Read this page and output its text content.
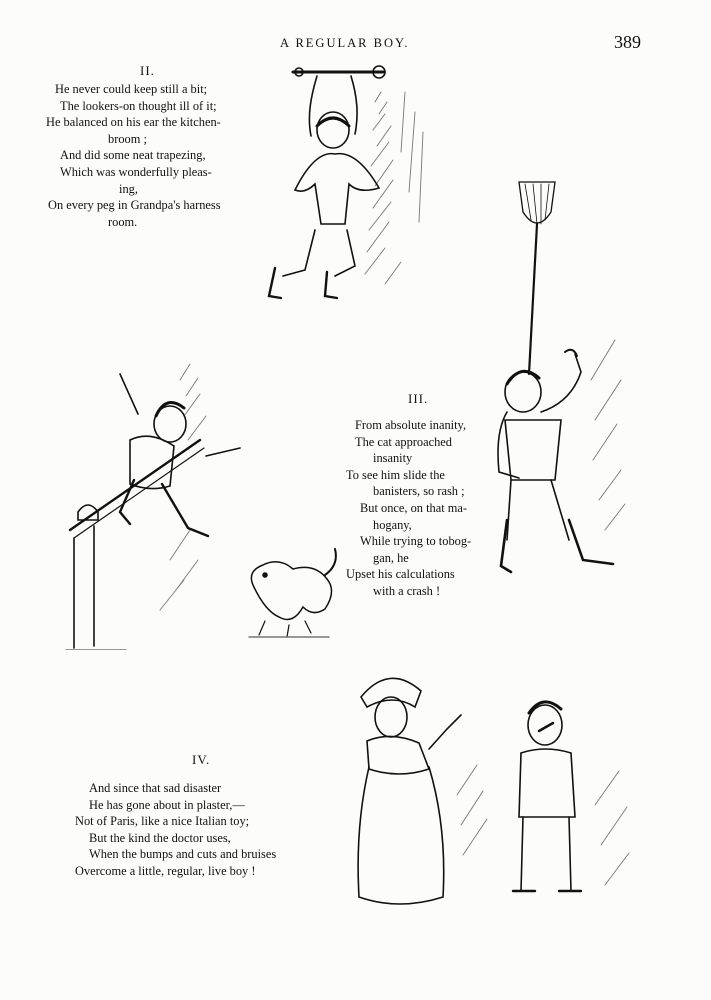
A REGULAR BOY.	389
II.
He never could keep still a bit;
The lookers-on thought ill of it;
He balanced on his ear the kitchen-
broom ;
And did some neat trapezing,
Which was wonderfully pleas-
ing,
On every peg in Grandpa's harness
room.
III.
From absolute inanity,
The cat approached
insanity
To see him slide the
banisters, so rash ;
But once, on that ma-
hogany,
While trying to tobog-
gan, he
Upset his calculations
with a crash !
IV.
And since that sad disaster
He has gone about in plaster,—
Not of Paris, like a nice Italian toy;
But the kind the doctor uses,
When the bumps and cuts and bruises
Overcome a little, regular, live boy !
